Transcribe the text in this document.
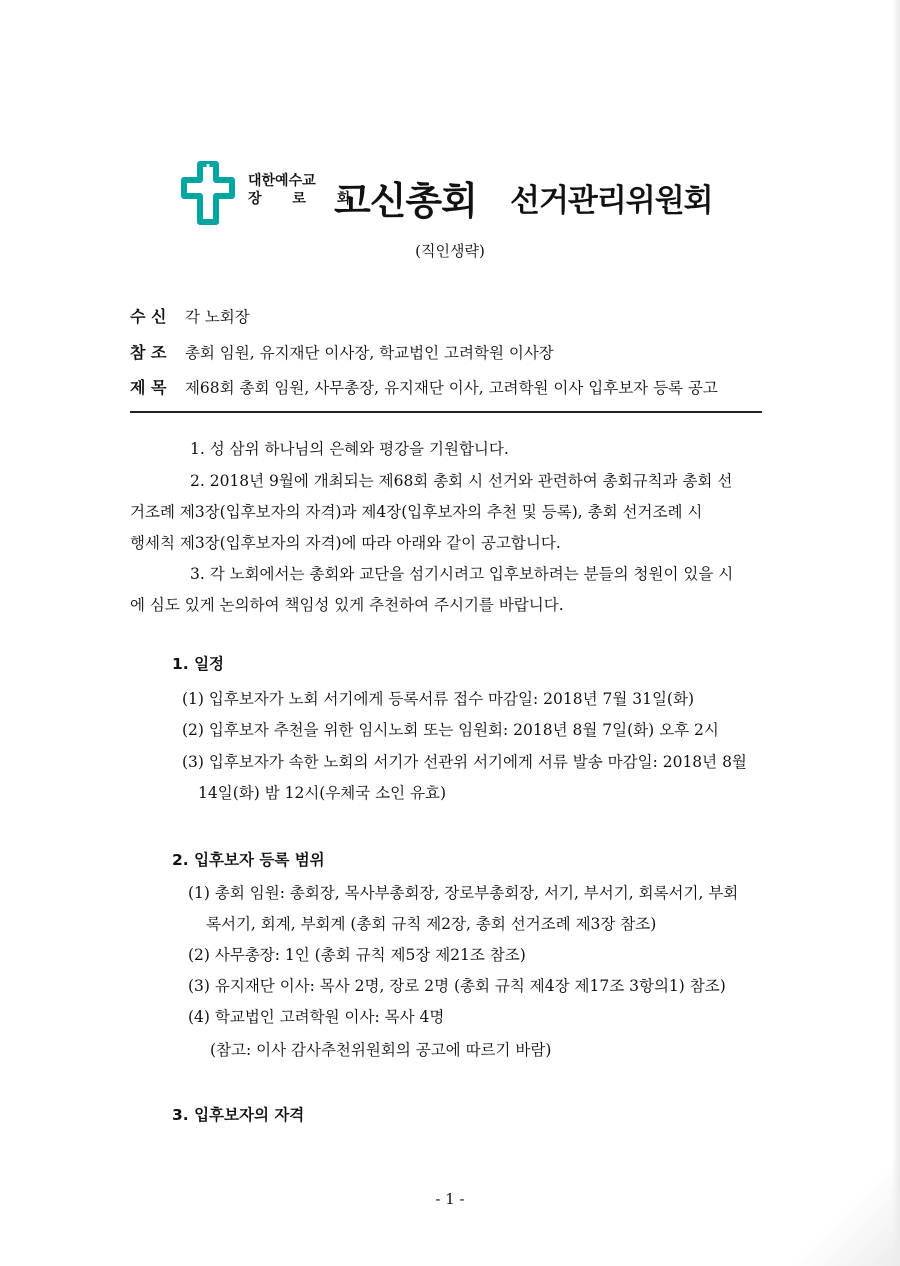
대한예수교
장 로 회
고신총회 선거관리위원회
(직인생략)
수 신 각 노회장
참 조 총회 임원, 유지재단 이사장, 학교법인 고려학원 이사장
제 목 제68회 총회 임원, 사무총장, 유지재단 이사, 고려학원 이사 입후보자 등록 공고
1. 성 삼위 하나님의 은혜와 평강을 기원합니다.
2. 2018년 9월에 개최되는 제68회 총회 시 선거와 관련하여 총회규칙과 총회 선
거조례 제3장(입후보자의 자격)과 제4장(입후보자의 추천 및 등록), 총회 선거조례 시
행세칙 제3장(입후보자의 자격)에 따라 아래와 같이 공고합니다.
3. 각 노회에서는 총회와 교단을 섬기시려고 입후보하려는 분들의 청원이 있을 시
에 심도 있게 논의하여 책임성 있게 추천하여 주시기를 바랍니다.
1. 일정
(1) 입후보자가 노회 서기에게 등록서류 접수 마감일: 2018년 7월 31일(화)
(2) 입후보자 추천을 위한 임시노회 또는 임원회: 2018년 8월 7일(화) 오후 2시
(3) 입후보자가 속한 노회의 서기가 선관위 서기에게 서류 발송 마감일: 2018년 8월
14일(화) 밤 12시(우체국 소인 유효)
2. 입후보자 등록 범위
(1) 총회 임원: 총회장, 목사부총회장, 장로부총회장, 서기, 부서기, 회록서기, 부회
록서기, 회계, 부회계 (총회 규칙 제2장, 총회 선거조례 제3장 참조)
(2) 사무총장: 1인 (총회 규칙 제5장 제21조 참조)
(3) 유지재단 이사: 목사 2명, 장로 2명 (총회 규칙 제4장 제17조 3항의1) 참조)
(4) 학교법인 고려학원 이사: 목사 4명
(참고: 이사 감사추천위원회의 공고에 따르기 바람)
3. 입후보자의 자격
- 1 -
